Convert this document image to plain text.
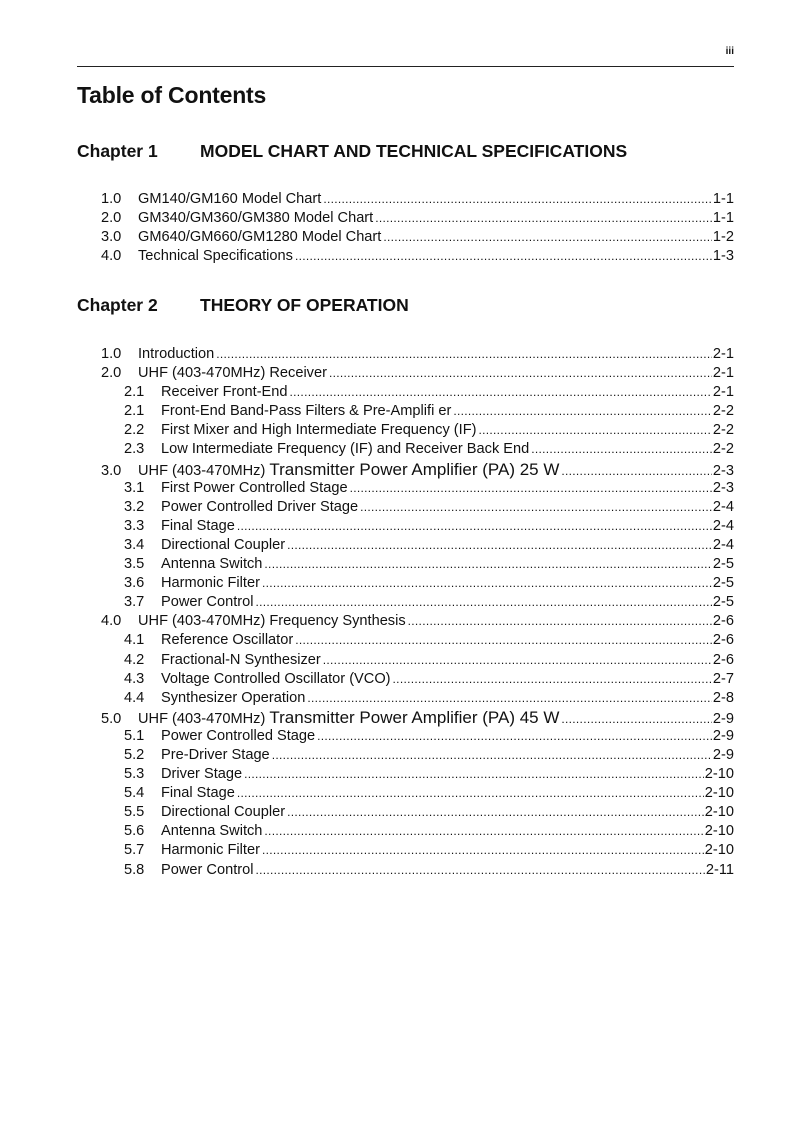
iii
Table of Contents
Chapter 1	MODEL CHART AND TECHNICAL SPECIFICATIONS
1.0	GM140/GM160 Model Chart .....	1-1
2.0	GM340/GM360/GM380 Model Chart .....	1-1
3.0	GM640/GM660/GM1280 Model Chart .....	1-2
4.0	Technical Specifications .....	1-3
Chapter 2	THEORY OF OPERATION
1.0	Introduction .....	2-1
2.0	UHF (403-470MHz) Receiver .....	2-1
2.1	Receiver Front-End .....	2-1
2.1	Front-End Band-Pass Filters & Pre-Amplifi er .....	2-2
2.2	First Mixer and High Intermediate Frequency (IF) .....	2-2
2.3	Low Intermediate Frequency (IF) and Receiver Back End .....	2-2
3.0	UHF (403-470MHz) Transmitter Power Amplifier (PA) 25 W .....	2-3
3.1	First Power Controlled Stage .....	2-3
3.2	Power Controlled Driver Stage .....	2-4
3.3	Final Stage .....	2-4
3.4	Directional Coupler .....	2-4
3.5	Antenna Switch .....	2-5
3.6	Harmonic Filter .....	2-5
3.7	Power Control .....	2-5
4.0	UHF (403-470MHz) Frequency Synthesis .....	2-6
4.1	Reference Oscillator .....	2-6
4.2	Fractional-N Synthesizer .....	2-6
4.3	Voltage Controlled Oscillator (VCO) .....	2-7
4.4	Synthesizer Operation .....	2-8
5.0	UHF (403-470MHz) Transmitter Power Amplifier (PA) 45 W .....	2-9
5.1	Power Controlled Stage .....	2-9
5.2	Pre-Driver Stage .....	2-9
5.3	Driver Stage .....	2-10
5.4	Final Stage .....	2-10
5.5	Directional Coupler .....	2-10
5.6	Antenna Switch .....	2-10
5.7	Harmonic Filter .....	2-10
5.8	Power Control .....	2-11
